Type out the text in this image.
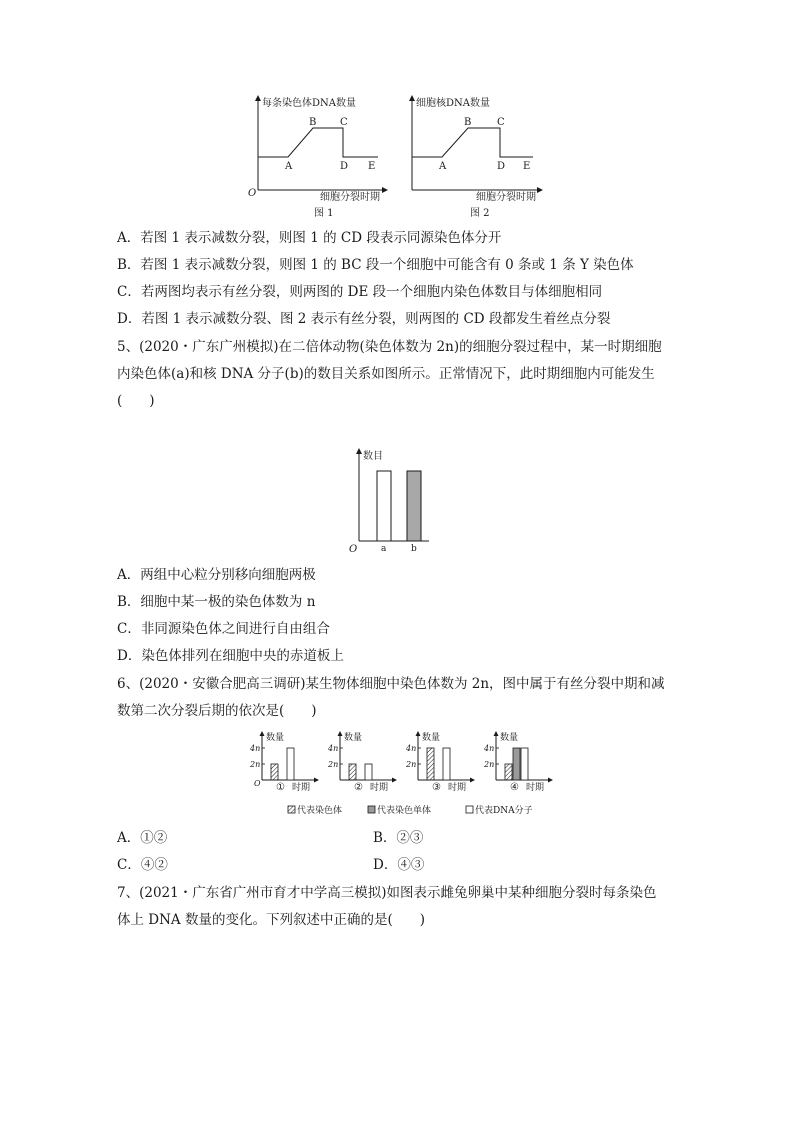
每条染色体DNA数量
O
A
B C
D E
细胞分裂时期
图 1
细胞核DNA数量
A
B	C
D E
细胞分裂时期
图 2
A．若图 1 表示减数分裂，则图 1 的 CD 段表示同源染色体分开
B．若图 1 表示减数分裂，则图 1 的 BC 段一个细胞中可能含有 0 条或 1 条 Y 染色体
C．若两图均表示有丝分裂，则两图的 DE 段一个细胞内染色体数目与体细胞相同
D．若图 1 表示减数分裂、图 2 表示有丝分裂，则两图的 CD 段都发生着丝点分裂
5、(2020・广东广州模拟)在二倍体动物(染色体数为 2n)的细胞分裂过程中，某一时期细胞
内染色体(a)和核 DNA 分子(b)的数目关系如图所示。正常情况下，此时期细胞内可能发生
(　　)
数目
O	a	b
A．两组中心粒分别移向细胞两极
B．细胞中某一极的染色体数为 n
C．非同源染色体之间进行自由组合
D．染色体排列在细胞中央的赤道板上
6、(2020・安徽合肥高三调研)某生物体细胞中染色体数为 2n，图中属于有丝分裂中期和减
数第二次分裂后期的依次是(　　)
数量
2n
4n
O ① 时期
数量
2n
4n
② 时期
数量
2n
4n
③ 时期
数量
2n
4n
④ 时期
代表染色体	代表染色单体	代表DNA分子
A．①②	B．②③
C．④②	D．④③
7、(2021・广东省广州市育才中学高三模拟)如图表示雌兔卵巢中某种细胞分裂时每条染色
体上 DNA 数量的变化。下列叙述中正确的是(　　)
